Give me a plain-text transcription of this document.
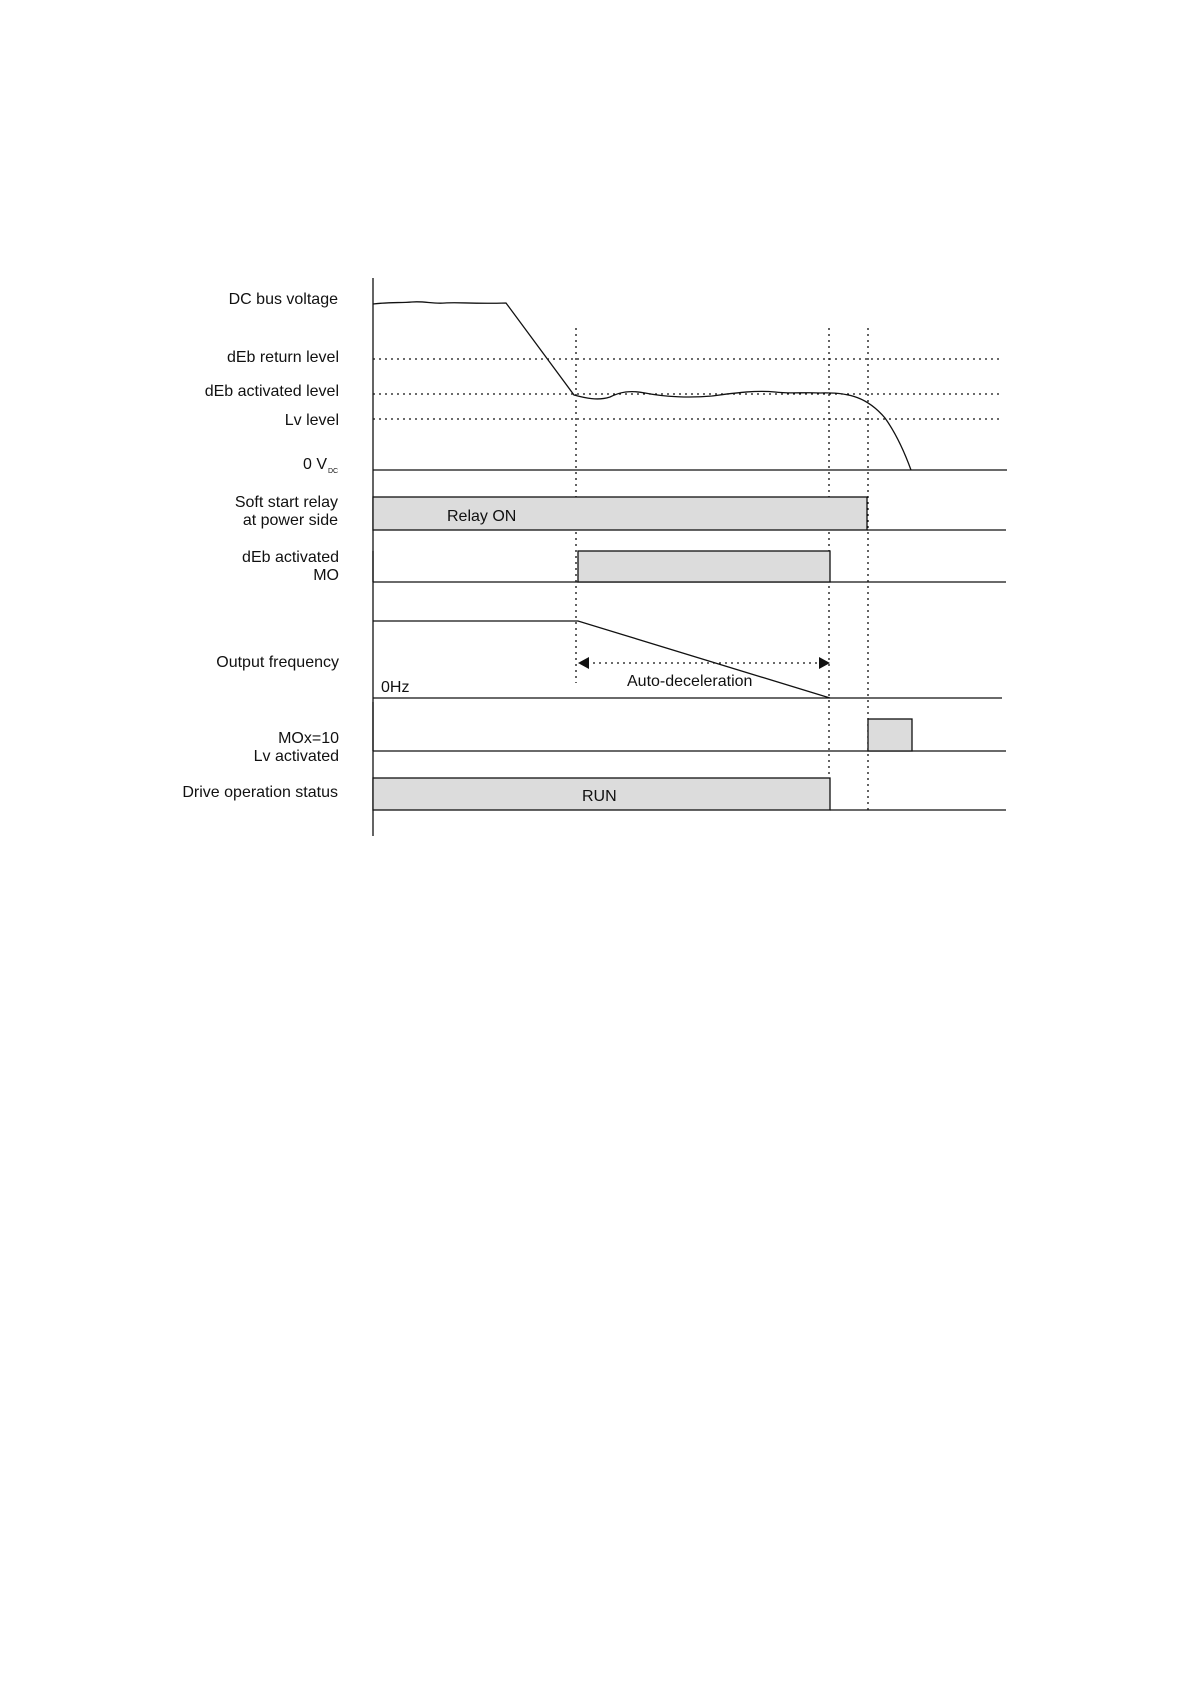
DC bus voltage
dEb return level
dEb activated level
Lv level
0 V DC
Soft start relay
at power side
dEb activated
MO
Output frequency
MOx=10
Lv activated
Drive operation status
Relay ON
0Hz	Auto-deceleration
RUN
